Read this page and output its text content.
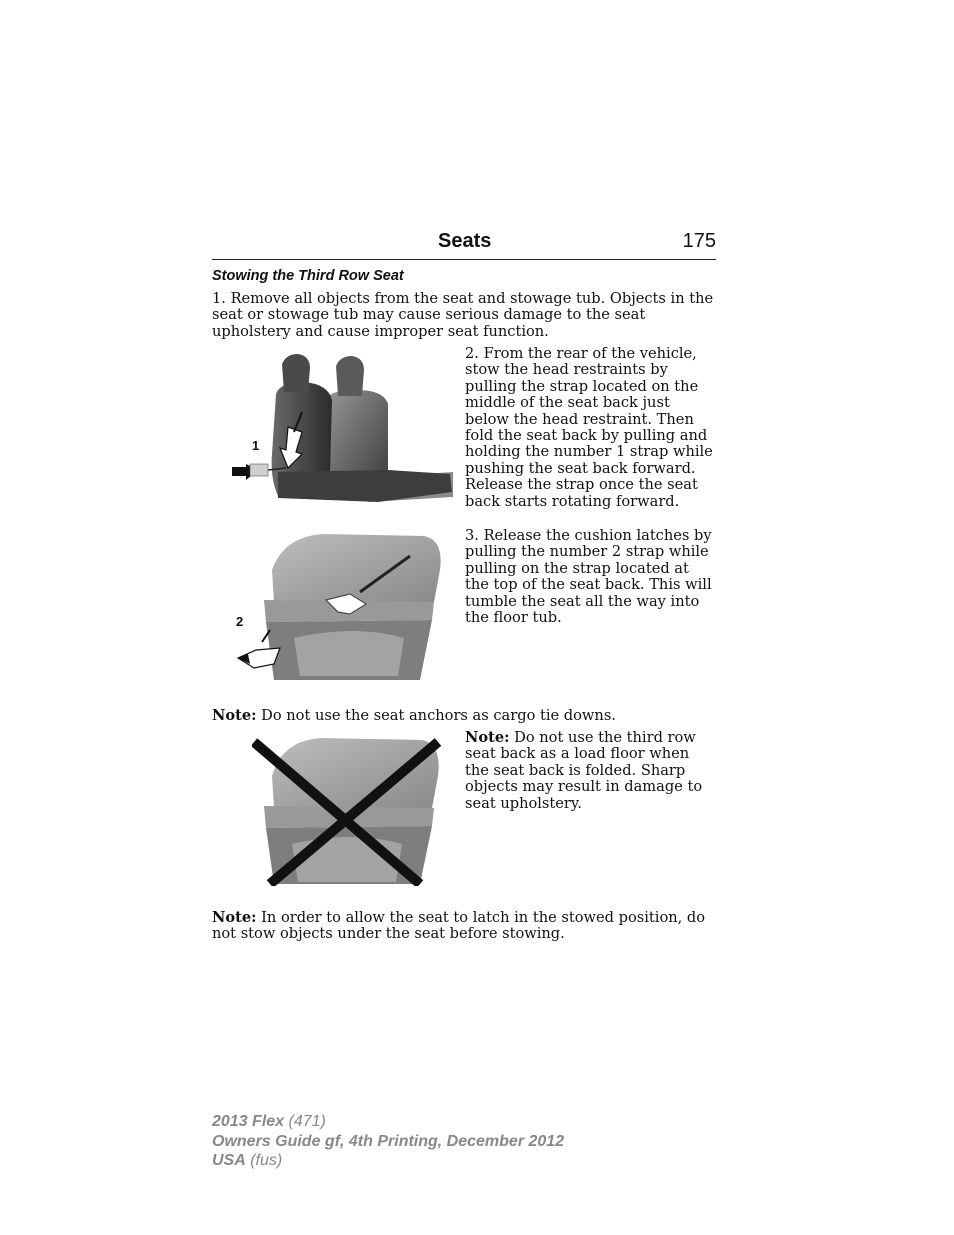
Seats	175
Stowing the Third Row Seat

1. Remove all objects from the seat and stowage tub. Objects in the seat or stowage tub may cause serious damage to the seat upholstery and cause improper seat function.

1

2. From the rear of the vehicle, stow the head restraints by pulling the strap located on the middle of the seat back just below the head restraint. Then fold the seat back by pulling and holding the number 1 strap while pushing the seat back forward. Release the strap once the seat back starts rotating forward.

2

3. Release the cushion latches by pulling the number 2 strap while pulling on the strap located at the top of the seat back. This will tumble the seat all the way into the floor tub.

Note: Do not use the seat anchors as cargo tie downs.

Note: Do not use the third row seat back as a load floor when the seat back is folded. Sharp objects may result in damage to seat upholstery.

Note: In order to allow the seat to latch in the stowed position, do not stow objects under the seat before stowing.

2013 Flex (471)
Owners Guide gf, 4th Printing, December 2012
USA (fus)
